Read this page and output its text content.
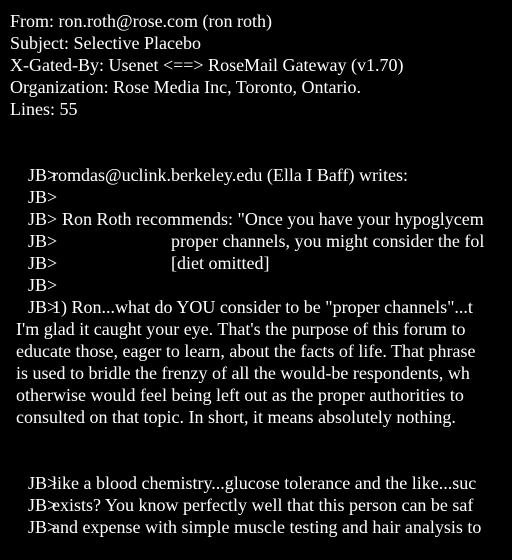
From: ron.roth@rose.com (ron roth)
Subject: Selective Placebo
X-Gated-By: Usenet <==> RoseMail Gateway (v1.70)
Organization: Rose Media Inc, Toronto, Ontario.
Lines: 55

JB>
romdas@uclink.berkeley.edu (Ella I Baff) writes:

JB>

JB> Ron Roth recommends: "Once you have your hypoglycem

JB>	proper channels, you might consider the fol

JB>	[diet omitted]

JB>

JB>
1) Ron...what do YOU consider to be "proper channels"...t

I'm glad it caught your eye. That's the purpose of this forum to
educate those, eager to learn, about the facts of life. That phrase
is used to bridle the frenzy of all the would-be respondents, wh
otherwise would feel being left out as the proper authorities to
consulted on that topic. In short, it means absolutely nothing.

JB>
like a blood chemistry...glucose tolerance and the like...suc

JB>
exists? You know perfectly well that this person can be saf

JB>
and expense with simple muscle testing and hair analysis to
